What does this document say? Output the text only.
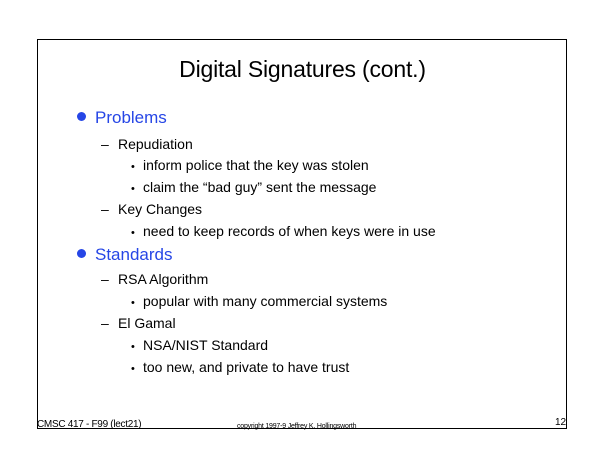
Digital Signatures (cont.)
Problems
– Repudiation
• inform police that the key was stolen
• claim the “bad guy” sent the message
– Key Changes
• need to keep records of when keys were in use
Standards
– RSA Algorithm
• popular with many commercial systems
– El Gamal
• NSA/NIST Standard
• too new, and private to have trust
CMSC 417 - F99 (lect21)	copyright 1997-9 Jeffrey K. Hollingsworth	12
